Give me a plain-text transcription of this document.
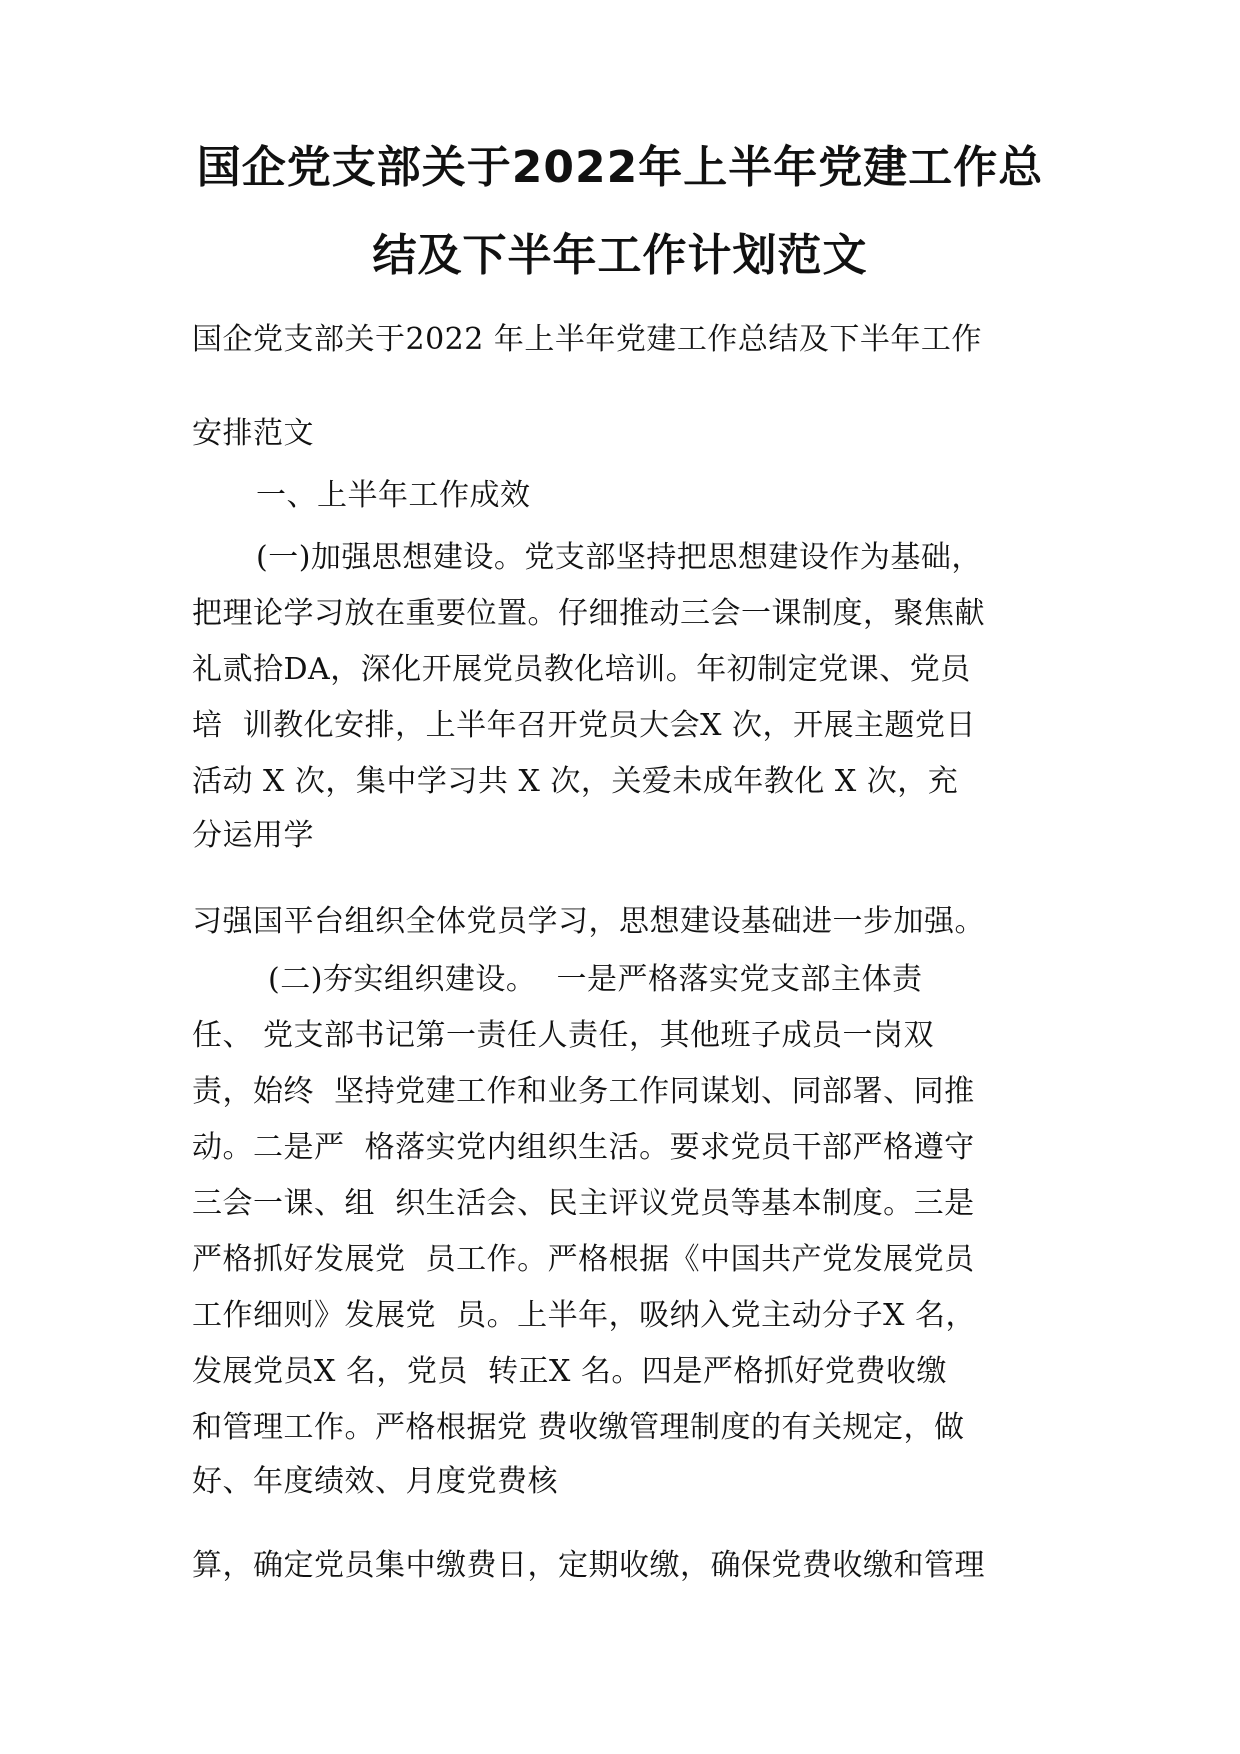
国企党支部关于2022年上半年党建工作总
结及下半年工作计划范文
国企党支部关于2022 年上半年党建工作总结及下半年工作
安排范文
一、上半年工作成效
(一)加强思想建设。党支部坚持把思想建设作为基础，
把理论学习放在重要位置。仔细推动三会一课制度，聚焦献
礼贰拾DA，深化开展党员教化培训。年初制定党课、党员
培  训教化安排，上半年召开党员大会X 次，开展主题党日
活动 X 次，集中学习共 X 次，关爱未成年教化 X 次，充
分运用学
习强国平台组织全体党员学习，思想建设基础进一步加强。
(二)夯实组织建设。  一是严格落实党支部主体责
任、 党支部书记第一责任人责任，其他班子成员一岗双
责，始终  坚持党建工作和业务工作同谋划、同部署、同推
动。二是严  格落实党内组织生活。要求党员干部严格遵守
三会一课、组  织生活会、民主评议党员等基本制度。三是
严格抓好发展党  员工作。严格根据《中国共产党发展党员
工作细则》发展党  员。上半年，吸纳入党主动分子X 名，
发展党员X 名，党员  转正X 名。四是严格抓好党费收缴
和管理工作。严格根据党 费收缴管理制度的有关规定，做
好、年度绩效、月度党费核
算，确定党员集中缴费日，定期收缴，确保党费收缴和管理
